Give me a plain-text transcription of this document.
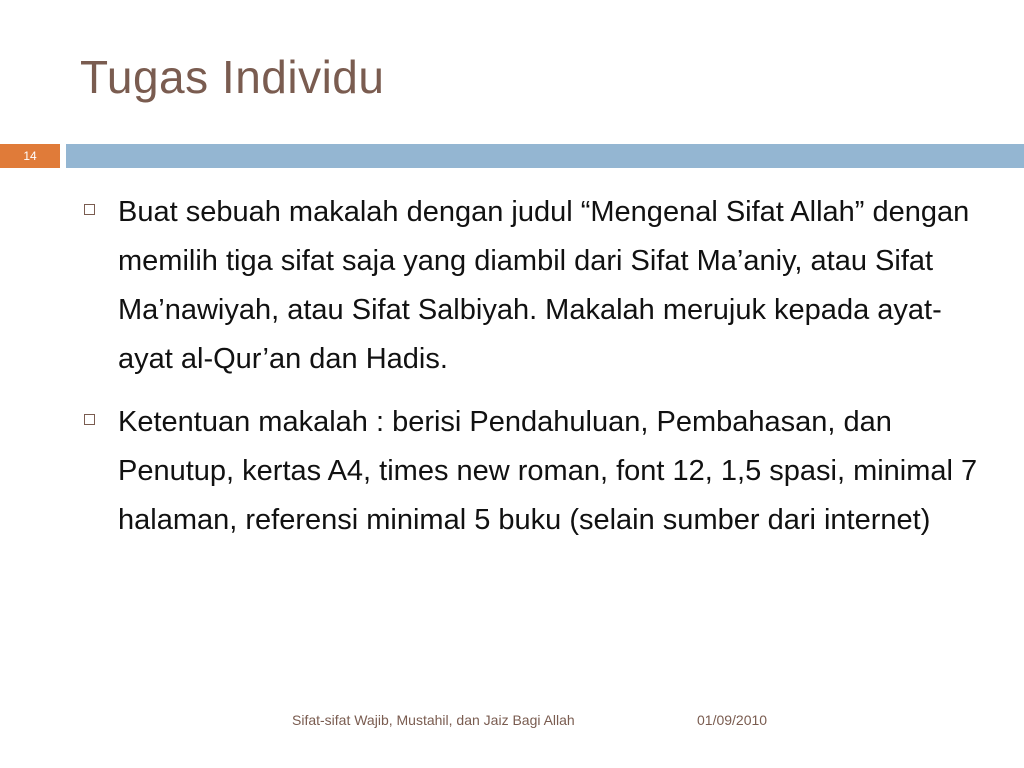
Tugas Individu
14
Buat sebuah makalah dengan judul “Mengenal Sifat Allah” dengan memilih tiga sifat saja yang diambil dari Sifat Ma’aniy, atau Sifat Ma’nawiyah, atau Sifat Salbiyah. Makalah merujuk kepada ayat-ayat al-Qur’an dan Hadis.
Ketentuan makalah : berisi Pendahuluan, Pembahasan, dan Penutup, kertas A4, times new roman, font 12, 1,5 spasi, minimal 7 halaman, referensi minimal 5 buku (selain sumber dari internet)
Sifat-sifat Wajib, Mustahil, dan Jaiz Bagi Allah	01/09/2010
